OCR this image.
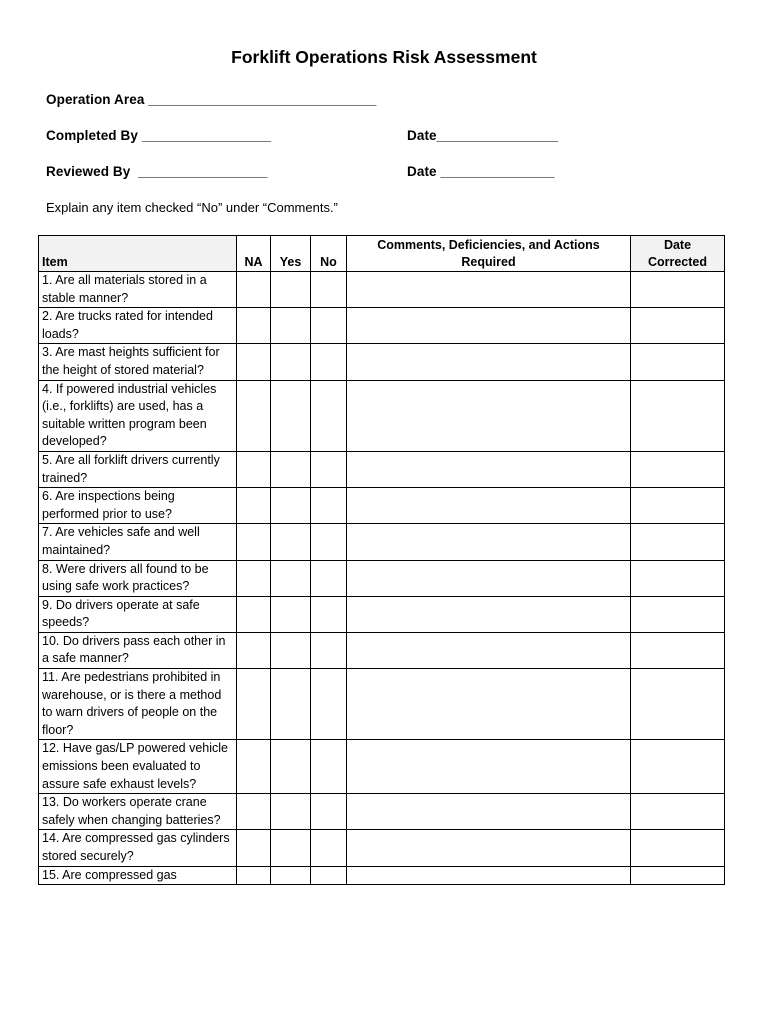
Forklift Operations Risk Assessment
Operation Area ______________________________
Completed By _________________	Date________________
Reviewed By  _________________	Date _______________
Explain any item checked “No” under “Comments.”
Item	NA	Yes	No	Comments, Deficiencies, and Actions Required	Date Corrected
1. Are all materials stored in a stable manner?					
2. Are trucks rated for intended loads?					
3. Are mast heights sufficient for the height of stored material?					
4. If powered industrial vehicles (i.e., forklifts) are used, has a suitable written program been developed?					
5. Are all forklift drivers currently trained?					
6. Are inspections being performed prior to use?					
7. Are vehicles safe and well maintained?					
8. Were drivers all found to be using safe work practices?					
9. Do drivers operate at safe speeds?					
10. Do drivers pass each other in a safe manner?					
11. Are pedestrians prohibited in warehouse, or is there a method to warn drivers of people on the floor?					
12. Have gas/LP powered vehicle emissions been evaluated to assure safe exhaust levels?					
13. Do workers operate crane safely when changing batteries?					
14. Are compressed gas cylinders stored securely?					
15. Are compressed gas					
